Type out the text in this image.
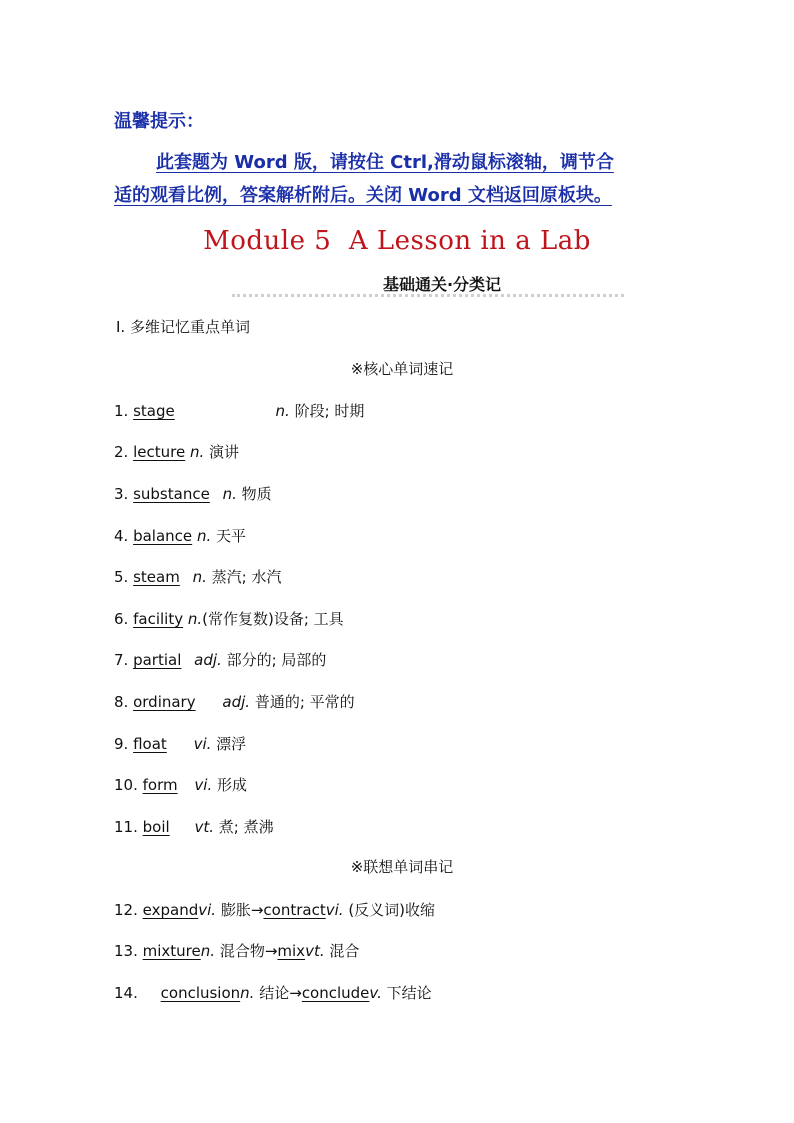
温馨提示：
此套题为 Word 版，请按住 Ctrl,滑动鼠标滚轴，调节合
适的观看比例，答案解析附后。关闭 Word 文档返回原板块。
Module 5  A Lesson in a Lab
基础通关·分类记
Ⅰ. 多维记忆重点单词
※核心单词速记
1. stage	n. 阶段; 时期
2. lecture n. 演讲
3. substance n. 物质
4. balance n. 天平
5. steam n. 蒸汽; 水汽
6. facility n.(常作复数)设备; 工具
7. partial adj. 部分的; 局部的
8. ordinary adj. 普通的; 平常的
9. float vi. 漂浮
10. form vi. 形成
11. boil vt. 煮; 煮沸
※联想单词串记
12. expandvi. 膨胀→contractvi. (反义词)收缩
13. mixturen. 混合物→mixvt. 混合
14. conclusionn. 结论→concludev. 下结论
